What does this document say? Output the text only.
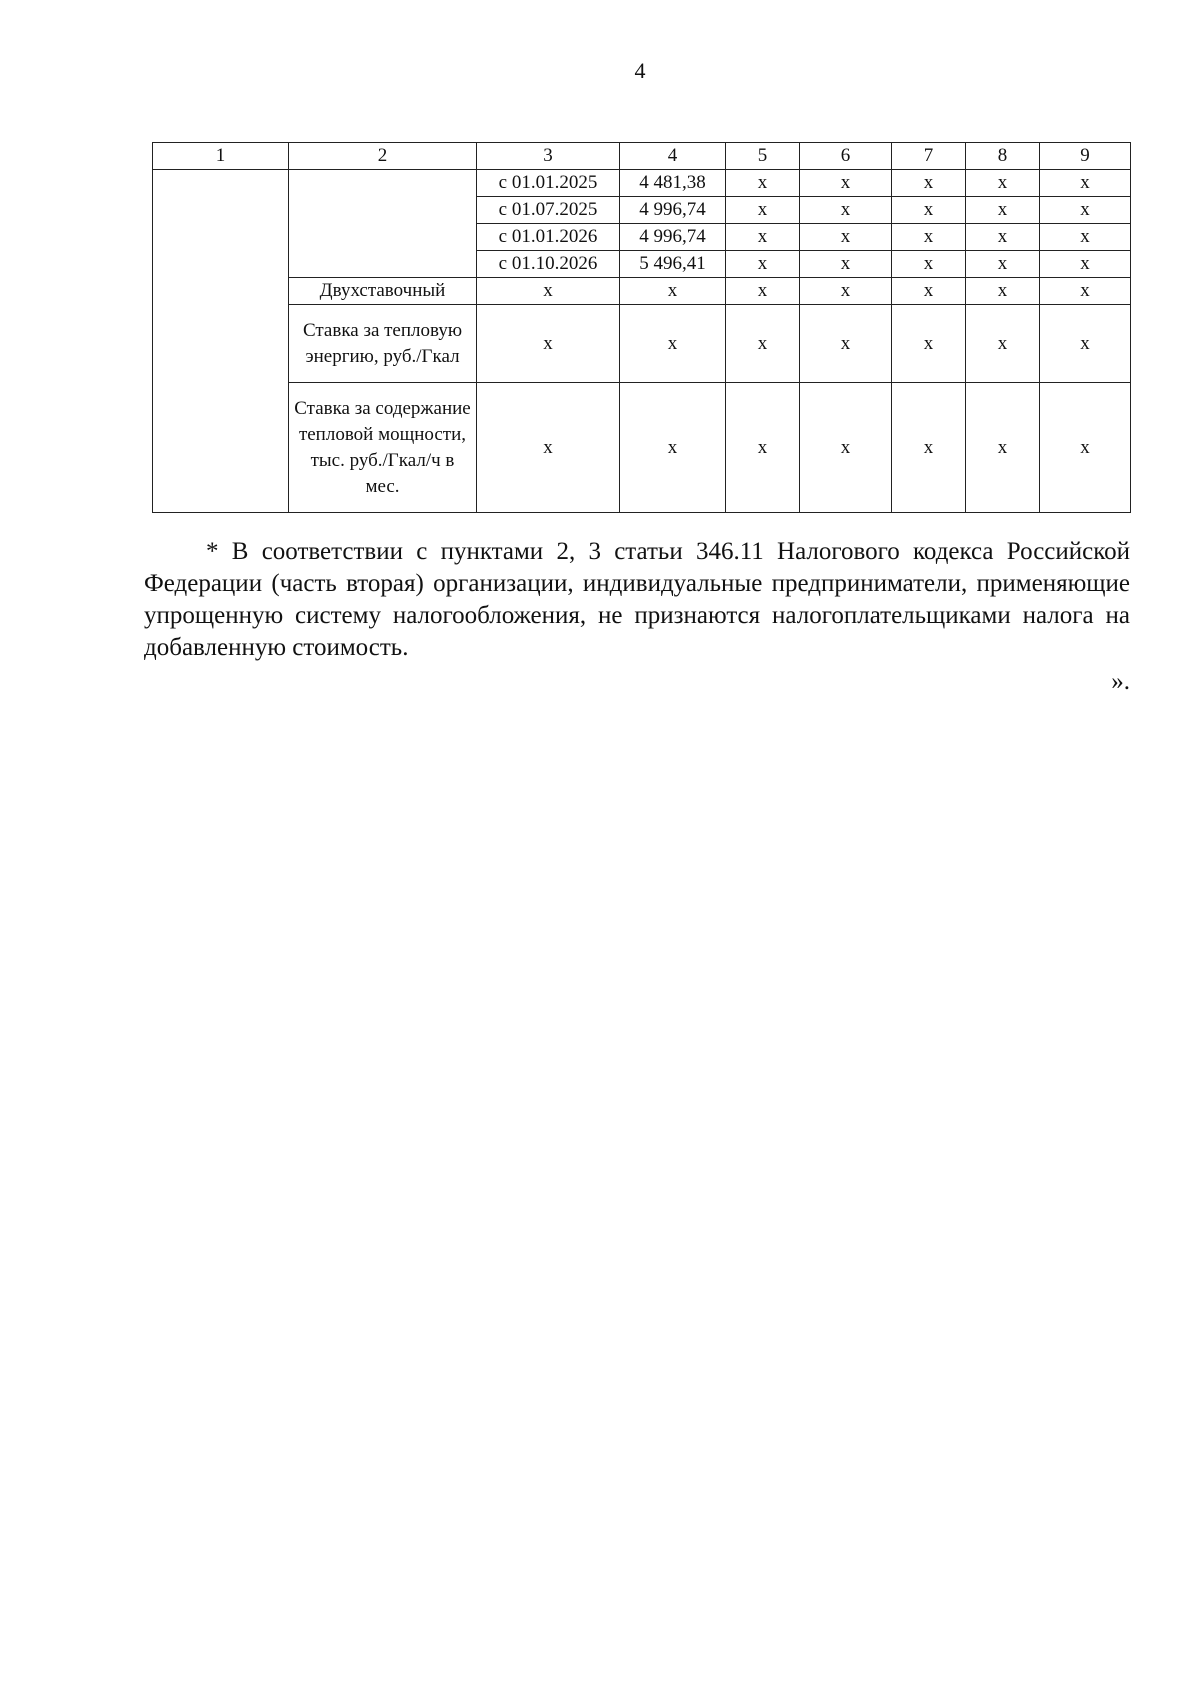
4
1	2	3	4	5	6	7	8	9
		с 01.01.2025	4 481,38	x	x	x	x	x
		с 01.07.2025	4 996,74	x	x	x	x	x
		с 01.01.2026	4 996,74	x	x	x	x	x
		с 01.10.2026	5 496,41	x	x	x	x	x
	Двухставочный	x	x	x	x	x	x	x
	Ставка за тепловую энергию, руб./Гкал	x	x	x	x	x	x	x
	Ставка за содержание тепловой мощности, тыс. руб./Гкал/ч в мес.	x	x	x	x	x	x	x

* В соответствии с пунктами 2, 3 статьи 346.11 Налогового кодекса Российской Федерации (часть вторая) организации, индивидуальные предприниматели, применяющие упрощенную систему налогообложения, не признаются налогоплательщиками налога на добавленную стоимость.

».
